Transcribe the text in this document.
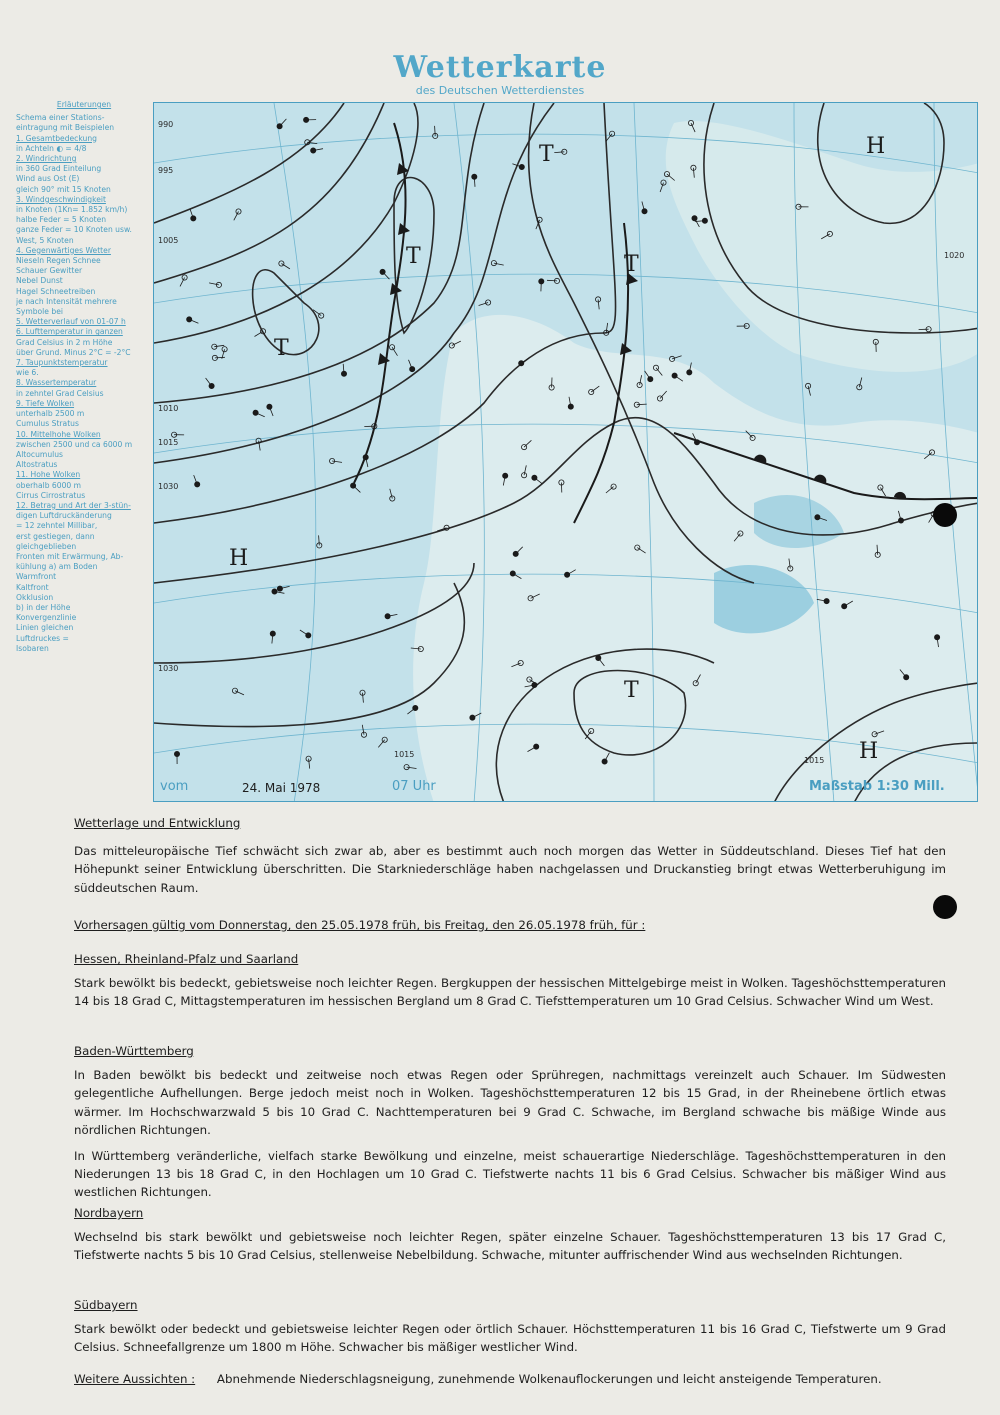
Wetterkarte
des Deutschen Wetterdienstes
Erläuterungen
Schema einer Stations-
eintragung mit Beispielen
1. Gesamtbedeckung
in Achteln ◐ = 4/8
2. Windrichtung
in 360 Grad Einteilung
Wind aus Ost (E)
gleich 90° mit 15 Knoten
3. Windgeschwindigkeit
in Knoten (1Kn= 1.852 km/h)
halbe Feder = 5 Knoten
ganze Feder = 10 Knoten usw.
West, 5 Knoten
4. Gegenwärtiges Wetter
Nieseln Regen Schnee
Schauer Gewitter
Nebel Dunst
Hagel Schneetreiben
je nach Intensität mehrere
Symbole bei
5. Wetterverlauf von 01-07 h
6. Lufttemperatur in ganzen
Grad Celsius in 2 m Höhe
über Grund. Minus 2°C = -2°C
7. Taupunktstemperatur
wie 6.
8. Wassertemperatur
in zehntel Grad Celsius
9. Tiefe Wolken
unterhalb 2500 m
Cumulus Stratus
10. Mittelhohe Wolken
zwischen 2500 und ca 6000 m
Altocumulus
Altostratus
11. Hohe Wolken
oberhalb 6000 m
Cirrus Cirrostratus
12. Betrag und Art der 3-stün-
digen Luftdruckänderung
= 12 zehntel Millibar,
erst gestiegen, dann
gleichgeblieben
Fronten mit Erwärmung, Ab-
kühlung a) am Boden
Warmfront
Kaltfront
Okklusion
b) in der Höhe
Konvergenzlinie
Linien gleichen
Luftdruckes =
Isobaren
H
H
H
T
T
T
T
T
990
995
1005
1010
1015
1030
1030
1015
1015
1020
vom	24. Mai 1978	07 Uhr	Maßstab 1:30 Mill.
Wetterlage und Entwicklung

Das mitteleuropäische Tief schwächt sich zwar ab, aber es bestimmt auch noch morgen das Wetter in Süddeutschland. Dieses Tief hat den Höhepunkt seiner Entwicklung überschritten. Die Starkniederschläge haben nachgelassen und Druckanstieg bringt etwas Wetterberuhigung im süddeutschen Raum.

Vorhersagen gültig vom Donnerstag, den 25.05.1978 früh, bis Freitag, den 26.05.1978 früh, für :
Hessen, Rheinland-Pfalz und Saarland

Stark bewölkt bis bedeckt, gebietsweise noch leichter Regen. Bergkuppen der hessischen Mittelgebirge meist in Wolken. Tageshöchsttemperaturen 14 bis 18 Grad C, Mittagstemperaturen im hessischen Bergland um 8 Grad C. Tiefsttemperaturen um 10 Grad Celsius. Schwacher Wind um West.

Baden-Württemberg

In Baden bewölkt bis bedeckt und zeitweise noch etwas Regen oder Sprühregen, nachmittags vereinzelt auch Schauer. Im Südwesten gelegentliche Aufhellungen. Berge jedoch meist noch in Wolken. Tageshöchsttemperaturen 12 bis 15 Grad, in der Rheinebene örtlich etwas wärmer. Im Hochschwarzwald 5 bis 10 Grad C. Nachttemperaturen bei 9 Grad C. Schwache, im Bergland schwache bis mäßige Winde aus nördlichen Richtungen.

In Württemberg veränderliche, vielfach starke Bewölkung und einzelne, meist schauerartige Niederschläge. Tageshöchsttemperaturen in den Niederungen 13 bis 18 Grad C, in den Hochlagen um 10 Grad C. Tiefstwerte nachts 11 bis 6 Grad Celsius. Schwacher bis mäßiger Wind aus westlichen Richtungen.

Nordbayern

Wechselnd bis stark bewölkt und gebietsweise noch leichter Regen, später einzelne Schauer. Tageshöchsttemperaturen 13 bis 17 Grad C, Tiefstwerte nachts 5 bis 10 Grad Celsius, stellenweise Nebelbildung. Schwache, mitunter auffrischender Wind aus wechselnden Richtungen.

Südbayern

Stark bewölkt oder bedeckt und gebietsweise leichter Regen oder örtlich Schauer. Höchsttemperaturen 11 bis 16 Grad C, Tiefstwerte um 9 Grad Celsius. Schneefallgrenze um 1800 m Höhe. Schwacher bis mäßiger westlicher Wind.

Weitere Aussichten : Abnehmende Niederschlagsneigung, zunehmende Wolkenauflockerungen und leicht ansteigende Temperaturen.
